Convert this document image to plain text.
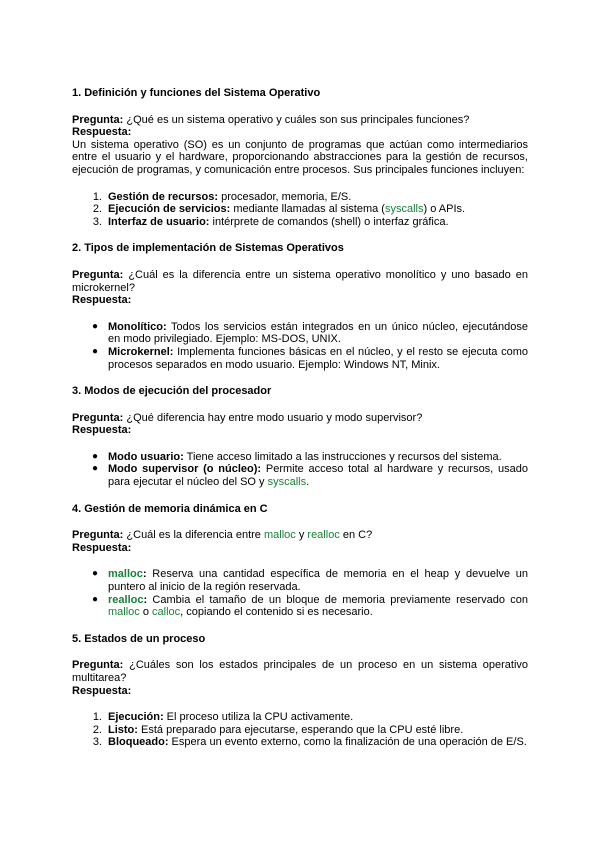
1. Definición y funciones del Sistema Operativo

Pregunta: ¿Qué es un sistema operativo y cuáles son sus principales funciones?

Respuesta:

Un sistema operativo (SO) es un conjunto de programas que actúan como intermediarios entre el usuario y el hardware, proporcionando abstracciones para la gestión de recursos, ejecución de programas, y comunicación entre procesos. Sus principales funciones incluyen:

1. Gestión de recursos: procesador, memoria, E/S.
2. Ejecución de servicios: mediante llamadas al sistema (syscalls) o APIs.
3. Interfaz de usuario: intérprete de comandos (shell) o interfaz gráfica.
2. Tipos de implementación de Sistemas Operativos

Pregunta: ¿Cuál es la diferencia entre un sistema operativo monolítico y uno basado en microkernel?

Respuesta:

● Monolítico: Todos los servicios están integrados en un único núcleo, ejecutándose en modo privilegiado. Ejemplo: MS-DOS, UNIX.
● Microkernel: Implementa funciones básicas en el núcleo, y el resto se ejecuta como procesos separados en modo usuario. Ejemplo: Windows NT, Minix.
3. Modos de ejecución del procesador

Pregunta: ¿Qué diferencia hay entre modo usuario y modo supervisor?

Respuesta:

● Modo usuario: Tiene acceso limitado a las instrucciones y recursos del sistema.
● Modo supervisor (o núcleo): Permite acceso total al hardware y recursos, usado para ejecutar el núcleo del SO y syscalls.
4. Gestión de memoria dinámica en C

Pregunta: ¿Cuál es la diferencia entre malloc y realloc en C?

Respuesta:

● malloc: Reserva una cantidad específica de memoria en el heap y devuelve un puntero al inicio de la región reservada.
● realloc: Cambia el tamaño de un bloque de memoria previamente reservado con malloc o calloc, copiando el contenido si es necesario.
5. Estados de un proceso

Pregunta: ¿Cuáles son los estados principales de un proceso en un sistema operativo multitarea?

Respuesta:

1. Ejecución: El proceso utiliza la CPU activamente.
2. Listo: Está preparado para ejecutarse, esperando que la CPU esté libre.
3. Bloqueado: Espera un evento externo, como la finalización de una operación de E/S.
